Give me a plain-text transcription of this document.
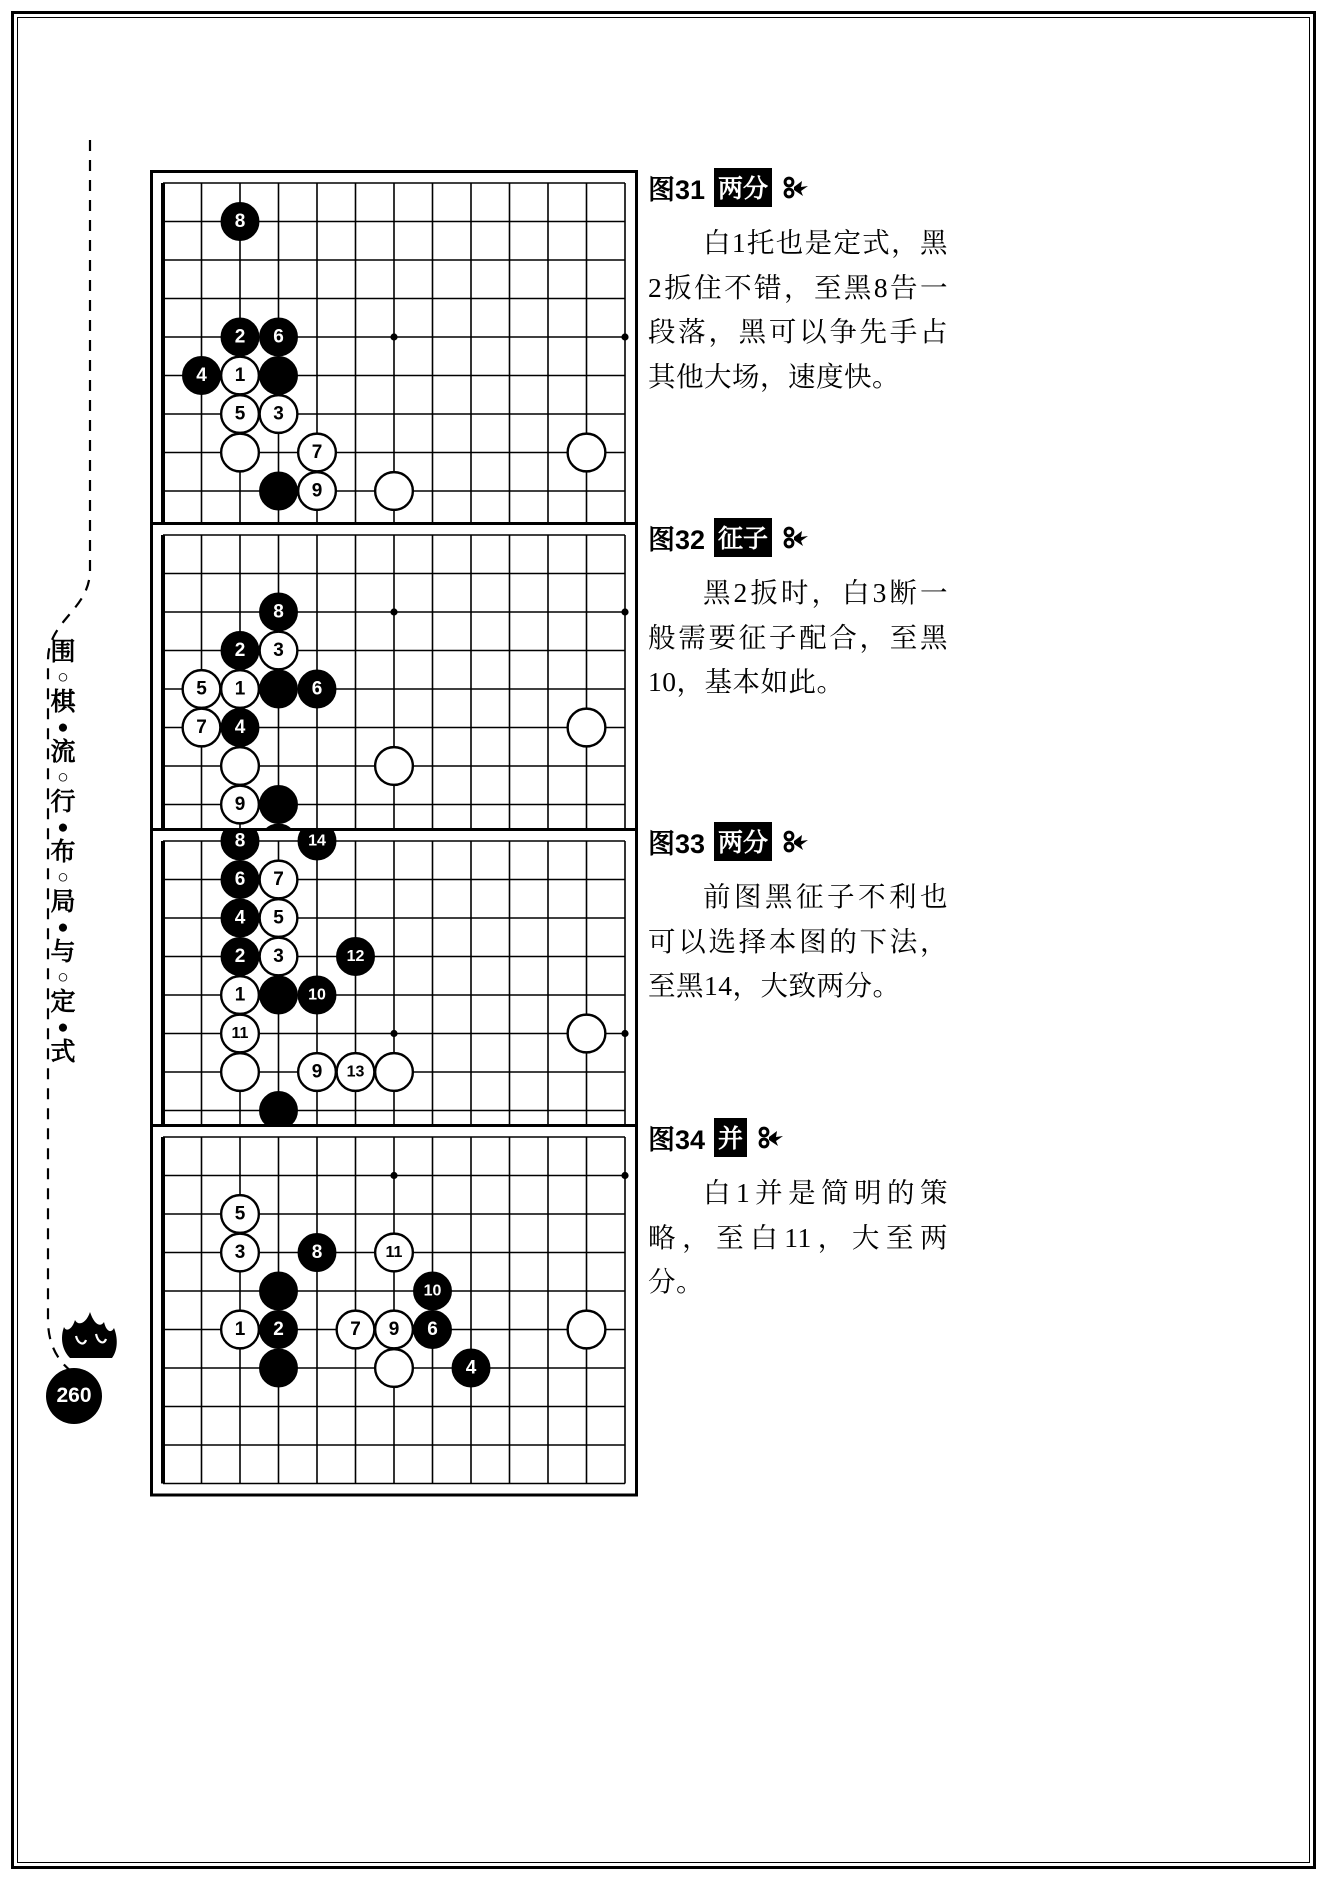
围
○
棋
●
流
○
行
●
布
○
局
●
与
○
定
●
式
260
8
2 6
4 1
5 3
7
9
图31 两分
白1托也是定式，黑2扳住不错，至黑8告一段落，黑可以争先手占其他大场，速度快。
8
2 3
5 1	6
7 4
9
图32 征子
黑2扳时，白3断一般需要征子配合，至黑10，基本如此。
8	14
6 7
4 5
2 3	12
1	10
11
9 13
图33 两分
前图黑征子不利也可以选择本图的下法，至黑14，大致两分。
5
3	8	11
10
1 2	7 9 6
4
图34 并
白1并是简明的策略，至白11，大至两分。
